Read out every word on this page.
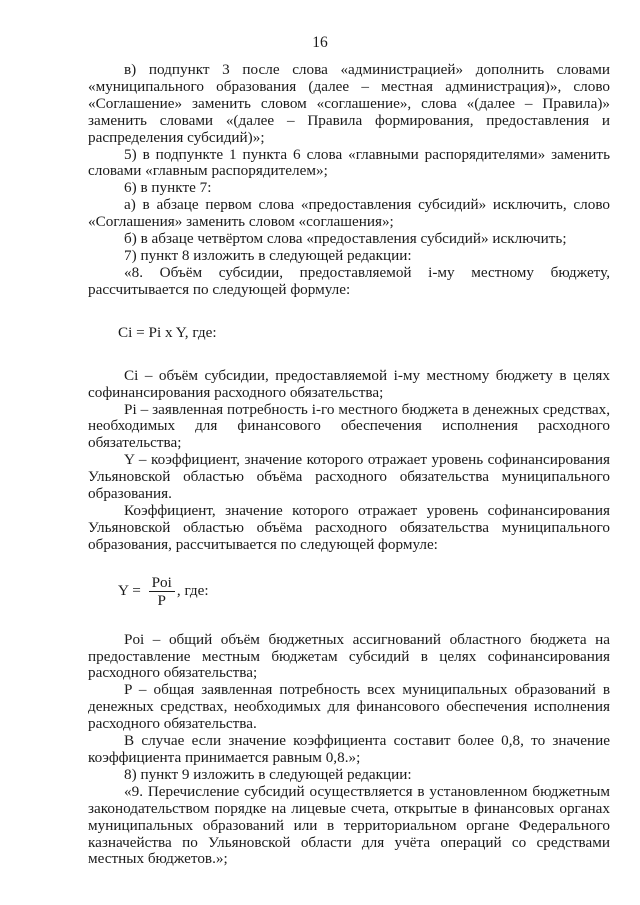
16

в) подпункт 3 после слова «администрацией» дополнить словами «муниципального образования (далее – местная администрация)», слово «Соглашение» заменить словом «соглашение», слова «(далее – Правила)» заменить словами «(далее – Правила формирования, предоставления и распределения субсидий)»;

5) в подпункте 1 пункта 6 слова «главными распорядителями» заменить словами «главным распорядителем»;

6) в пункте 7:

а) в абзаце первом слова «предоставления субсидий» исключить, слово «Соглашения» заменить словом «соглашения»;

б) в абзаце четвёртом слова «предоставления субсидий» исключить;

7) пункт 8 изложить в следующей редакции:

«8. Объём субсидии, предоставляемой i-му местному бюджету, рассчитывается по следующей формуле:

Ci = Pi x Y, где:

Ci – объём субсидии, предоставляемой i-му местному бюджету в целях софинансирования расходного обязательства;

Pi – заявленная потребность i-го местного бюджета в денежных средствах, необходимых для финансового обеспечения исполнения расходного обязательства;

Y – коэффициент, значение которого отражает уровень софинансирования Ульяновской областью объёма расходного обязательства муниципального образования.

Коэффициент, значение которого отражает уровень софинансирования Ульяновской областью объёма расходного обязательства муниципального образования, рассчитывается по следующей формуле:

$Y = \frac{\text{Poi}}{P}$ , где:

Poi – общий объём бюджетных ассигнований областного бюджета на предоставление местным бюджетам субсидий в целях софинансирования расходного обязательства;

P – общая заявленная потребность всех муниципальных образований в денежных средствах, необходимых для финансового обеспечения исполнения расходного обязательства.

В случае если значение коэффициента составит более 0,8, то значение коэффициента принимается равным 0,8.»;

8) пункт 9 изложить в следующей редакции:

«9. Перечисление субсидий осуществляется в установленном бюджетным законодательством порядке на лицевые счета, открытые в финансовых органах муниципальных образований или в территориальном органе Федерального казначейства по Ульяновской области для учёта операций со средствами местных бюджетов.»;
